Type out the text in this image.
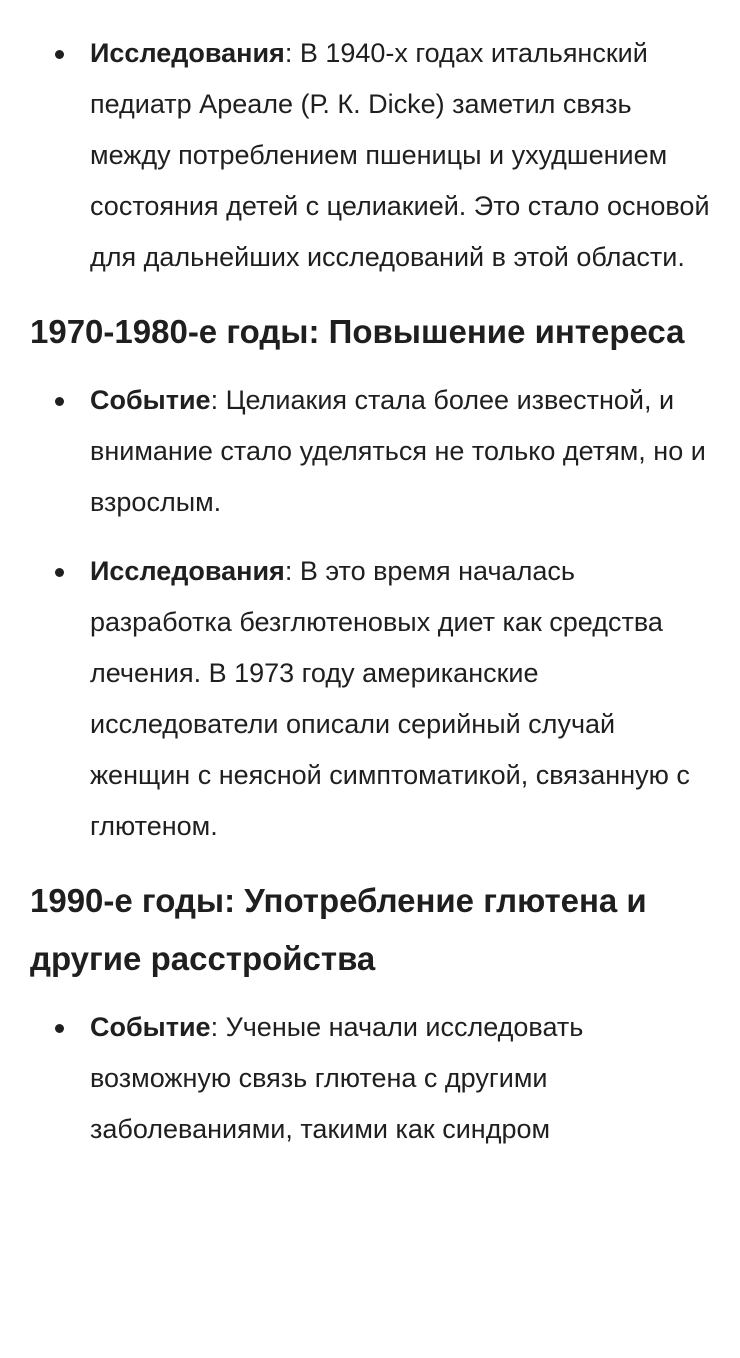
Исследования: В 1940-х годах итальянский педиатр Ареале (Р. К. Dicke) заметил связь между потреблением пшеницы и ухудшением состояния детей с целиакией. Это стало основой для дальнейших исследований в этой области.
1970-1980-е годы: Повышение интереса
Событие: Целиакия стала более известной, и внимание стало уделяться не только детям, но и взрослым.
Исследования: В это время началась разработка безглютеновых диет как средства лечения. В 1973 году американские исследователи описали серийный случай женщин с неясной симптоматикой, связанную с глютеном.
1990-е годы: Употребление глютена и другие расстройства
Событие: Ученые начали исследовать возможную связь глютена с другими заболеваниями, такими как синдром
